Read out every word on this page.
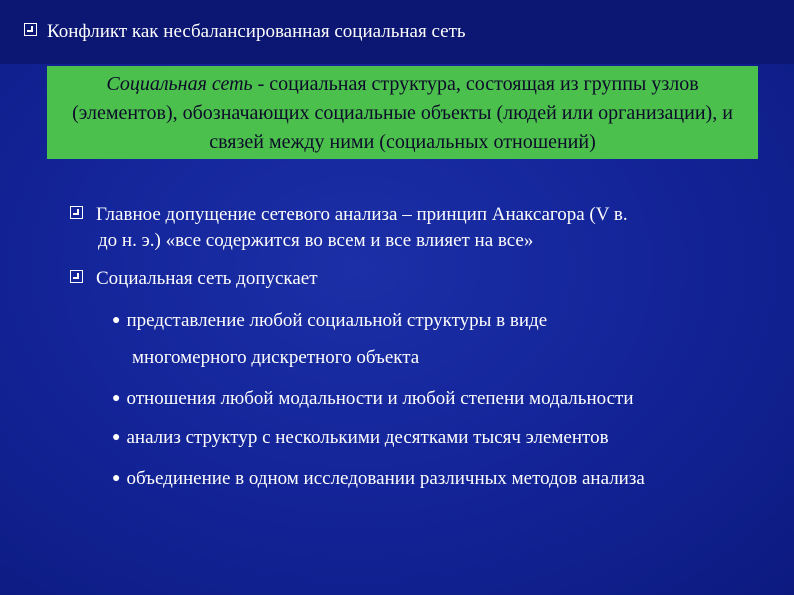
Конфликт как несбалансированная социальная сеть
Социальная сеть - социальная структура, состоящая из группы узлов (элементов), обозначающих социальные объекты (людей или организации), и связей между ними (социальных отношений)
Главное допущение сетевого анализа – принцип Анаксагора (V в.
до н. э.) «все содержится во всем и все влияет на все»
Социальная сеть допускает
● представление любой социальной структуры в виде
многомерного дискретного объекта
● отношения любой модальности и любой степени модальности
● анализ структур с несколькими десятками тысяч элементов
● объединение в одном исследовании различных методов анализа
